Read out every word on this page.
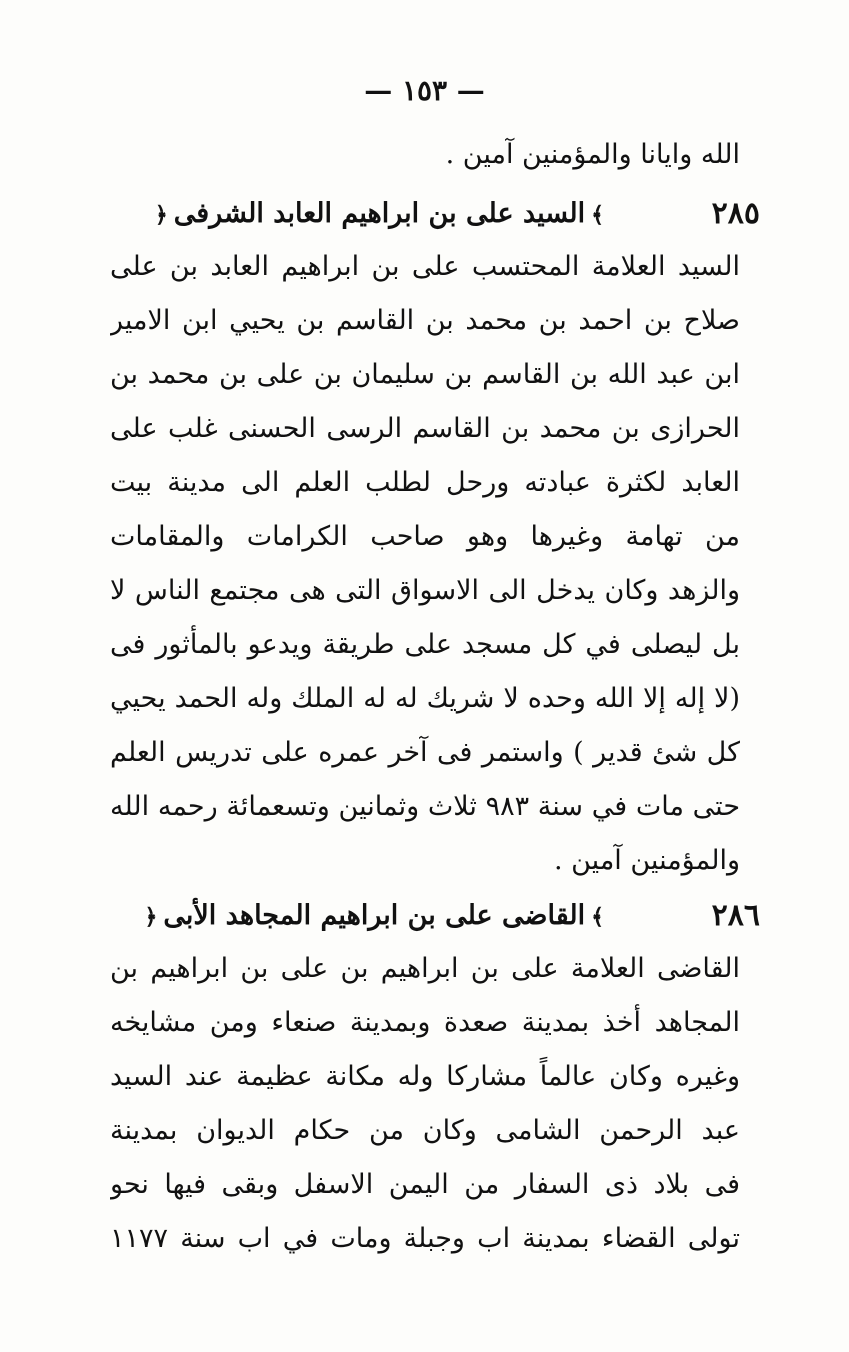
— ١٥٣ —
الله وايانا والمؤمنين آمين .
٢٨٥
﴾السيد على بن ابراهيم العابد الشرفى﴿
السيد العلامة المحتسب على بن ابراهيم العابد بن على
صلاح بن احمد بن محمد بن القاسم بن يحيي ابن الامير
ابن عبد الله بن القاسم بن سليمان بن على بن محمد بن
الحرازى بن محمد بن القاسم الرسى الحسنى غلب على
العابد لكثرة عبادته ورحل لطلب العلم الى مدينة بيت
من تهامة وغيرها وهو صاحب الكرامات والمقامات
والزهد وكان يدخل الى الاسواق التى هى مجتمع الناس لا
بل ليصلى في كل مسجد على طريقة ويدعو بالمأثور فى
(لا إله إلا الله وحده لا شريك له له الملك وله الحمد يحيي
كل شئ قدير ) واستمر فى آخر عمره على تدريس العلم
حتى مات في سنة ٩٨٣ ثلاث وثمانين وتسعمائة رحمه الله
والمؤمنين آمين .
٢٨٦
﴾القاضى على بن ابراهيم المجاهد الأبى﴿
القاضى العلامة على بن ابراهيم بن على بن ابراهيم بن
المجاهد أخذ بمدينة صعدة وبمدينة صنعاء ومن مشايخه
وغيره وكان عالماً مشاركا وله مكانة عظيمة عند السيد
عبد الرحمن الشامى وكان من حكام الديوان بمدينة
فى بلاد ذى السفار من اليمن الاسفل وبقى فيها نحو
تولى القضاء بمدينة اب وجبلة ومات في اب سنة ١١٧٧
